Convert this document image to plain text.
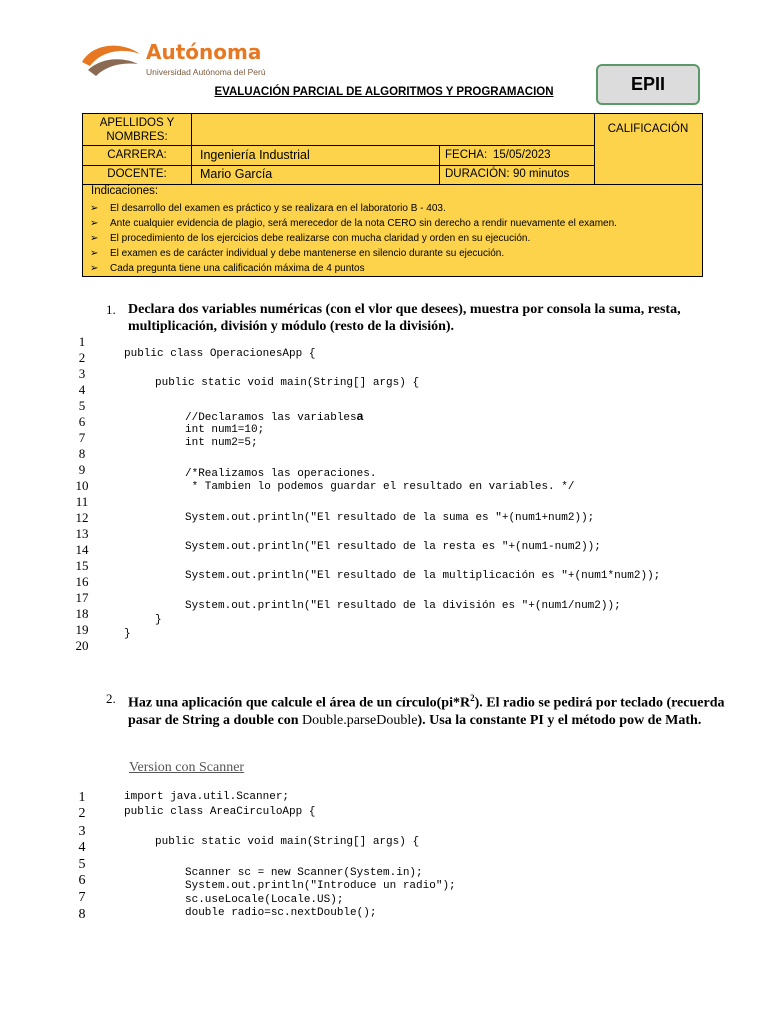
Autónoma
Universidad Autónoma del Perú
EPII
EVALUACIÓN PARCIAL DE ALGORITMOS Y PROGRAMACION
APELLIDOS Y NOMBRES:
CALIFICACIÓN
CARRERA:	Ingeniería Industrial	FECHA: 15/05/2023
DOCENTE:	Mario García	DURACIÓN: 90 minutos
Indicaciones:
➢ El desarrollo del examen es práctico y se realizara en el laboratorio B - 403.
➢ Ante cualquier evidencia de plagio, será merecedor de la nota CERO sin derecho a rendir nuevamente el examen.
➢ El procedimiento de los ejercicios debe realizarse con mucha claridad y orden en su ejecución.
➢ El examen es de carácter individual y debe mantenerse en silencio durante su ejecución.
➢ Cada pregunta tiene una calificación máxima de 4 puntos
1. Declara dos variables numéricas (con el vlor que desees), muestra por consola la suma, resta, multiplicación, división y módulo (resto de la división).
1
2
3
4
5
6
7
8
9
10
11
12
13
14
15
16
17
18
19
20
public class OperacionesApp {
public static void main(String[] args) {
//Declaramos las variablesa
int num1=10;
int num2=5;
/*Realizamos las operaciones.
* Tambien lo podemos guardar el resultado en variables. */
System.out.println("El resultado de la suma es "+(num1+num2));
System.out.println("El resultado de la resta es "+(num1-num2));
System.out.println("El resultado de la multiplicación es "+(num1*num2));
System.out.println("El resultado de la división es "+(num1/num2));
}
}
2. Haz una aplicación que calcule el área de un $círculo(pi*R^2)$. El radio se pedirá por teclado (recuerda pasar de String a double con Double.parseDouble). Usa la constante PI y el método pow de Math.
Version con Scanner
1
2
3
4
5
6
7
8
import java.util.Scanner;
public class AreaCirculoApp {
public static void main(String[] args) {
Scanner sc = new Scanner(System.in);
System.out.println("Introduce un radio");
sc.useLocale(Locale.US);
double radio=sc.nextDouble();
